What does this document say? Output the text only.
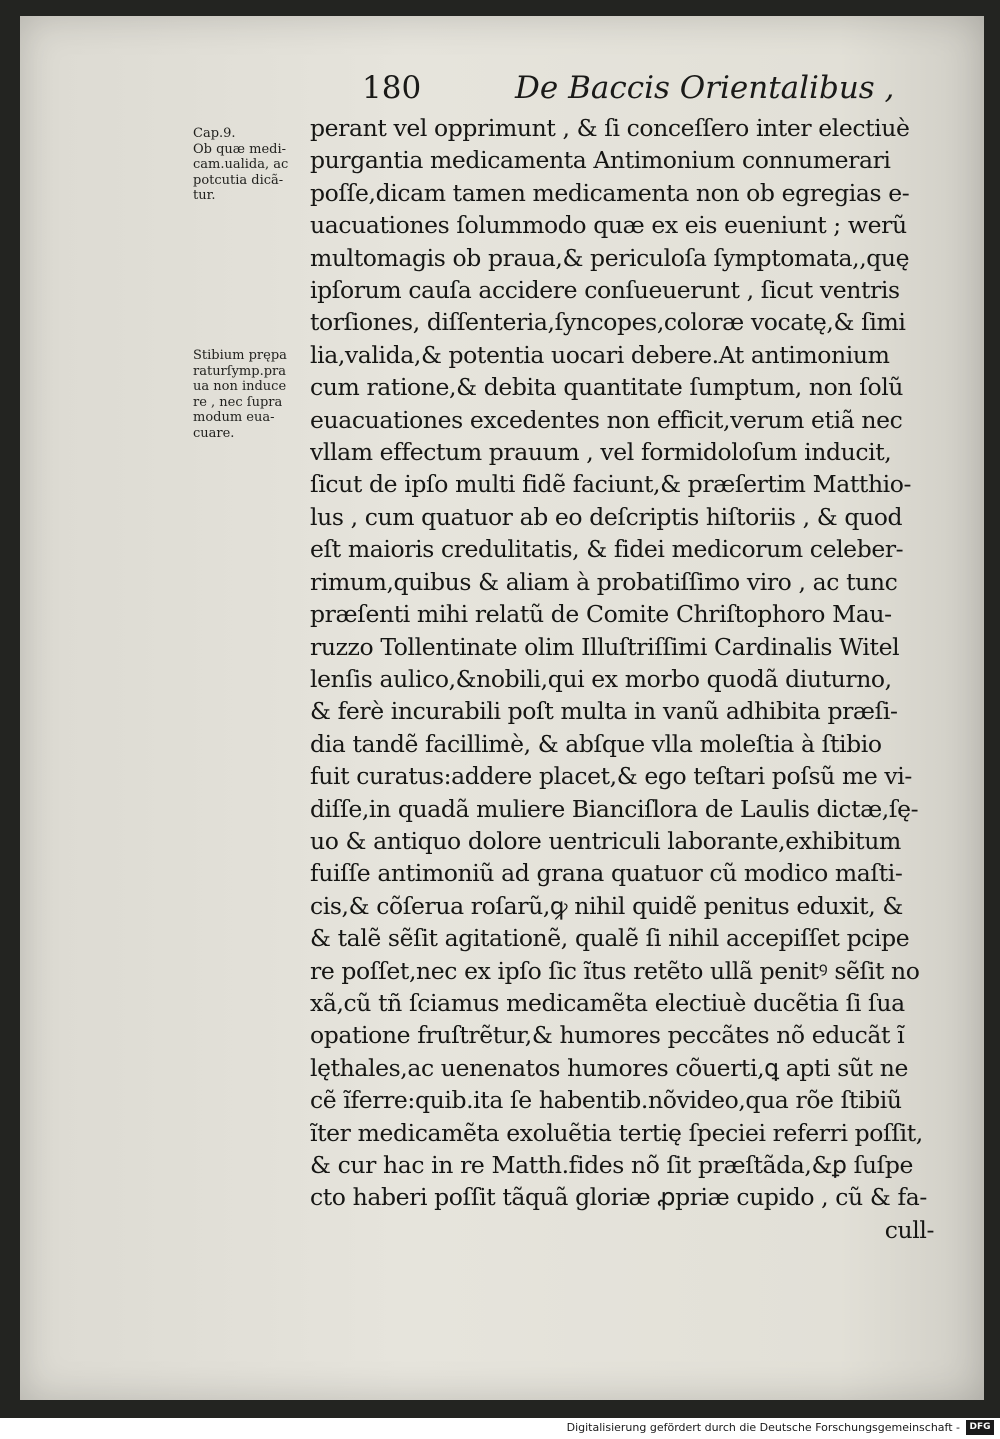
180	De Baccis Orientalibus ,
Cap.9.
Ob quæ medi-
cam.ualida, ac
potcutia dicã-
tur.
Stibium prępa
raturſymp.pra
ua non induce
re , nec ſupra
modum eua-
cuare.
perant vel opprimunt , & ſi conceſſero inter electiuè
purgantia medicamenta Antimonium connumerari
poſſe,dicam tamen medicamenta non ob egregias e-
uacuationes ſolummodo quæ ex eis eueniunt ; werũ
multomagis ob praua,& periculoſa ſymptomata,,quę
ipſorum cauſa accidere conſueuerunt , ſicut ventris
torſiones, diſſenteria,ſyncopes,coloræ vocatę,& ſimi
lia,valida,& potentia uocari debere.At antimonium
cum ratione,& debita quantitate ſumptum, non ſolũ
euacuationes excedentes non efficit,verum etiã nec
vllam effectum prauum , vel formidoloſum inducit,
ſicut de ipſo multi fidẽ faciunt,& præſertim Matthio-
lus , cum quatuor ab eo deſcriptis hiſtoriis , & quod
eſt maioris credulitatis, & fidei medicorum celeber-
rimum,quibus & aliam à probatiſſimo viro , ac tunc
præſenti mihi relatũ de Comite Chriſtophoro Mau-
ruzzo Tollentinate olim Illuſtriſſimi Cardinalis Witel
lenſis aulico,&nobili,qui ex morbo quodã diuturno,
& ferè incurabili poſt multa in vanũ adhibita præſi-
dia tandẽ facillimè, & abſque vlla moleſtia à ſtibio
fuit curatus:addere placet,& ego teſtari poſsũ me vi-
diſſe,in quadã muliere Bianciſlora de Laulis dictæ,ſę-
uo & antiquo dolore uentriculi laborante,exhibitum
fuiſſe antimoniũ ad grana quatuor cũ modico maſti-
cis,& cõſerua roſarũ,ꝙ nihil quidẽ penitus eduxit, &
& talẽ sẽſit agitationẽ, qualẽ ſi nihil accepiſſet pcipe
re poſſet,nec ex ipſo ſic ĩtus retẽto ullã penitꝰ sẽſit no
xã,cũ tñ ſciamus medicamẽta electiuè ducẽtia ſi ſua
opatione fruſtrẽtur,& humores peccãtes nõ educãt ĩ
lęthales,ac uenenatos humores cõuerti,ꝗ apti sũt ne
cẽ ĩferre:quib.ita ſe habentib.nõvideo,qua rõe ſtibiũ
ĩter medicamẽta exoluẽtia tertię ſpeciei referri poſſit,
& cur hac in re Matth.fides nõ ſit præſtãda,&ꝑ ſuſpe
cto haberi poſſit tãquã gloriæ ꝓpriæ cupido , cũ & fa-
cull-
Digitalisierung gefördert durch die Deutsche Forschungsgemeinschaft -	DFG
